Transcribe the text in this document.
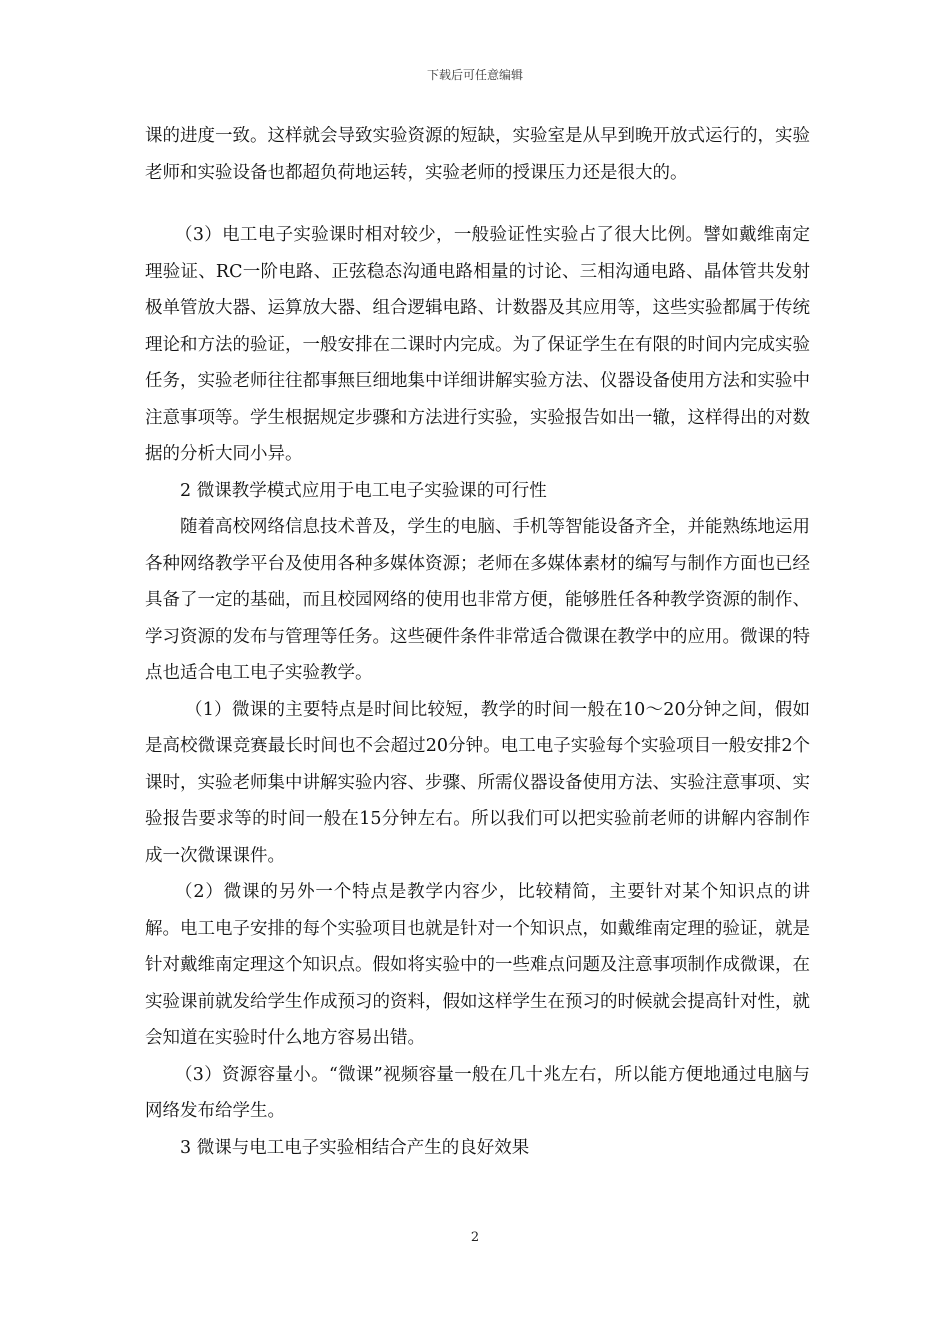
下载后可任意编辑

课的进度一致。这样就会导致实验资源的短缺，实验室是从早到晚开放式运行的，实验老师和实验设备也都超负荷地运转，实验老师的授课压力还是很大的。

（3）电工电子实验课时相对较少，一般验证性实验占了很大比例。譬如戴维南定理验证、RC一阶电路、正弦稳态沟通电路相量的讨论、三相沟通电路、晶体管共发射极单管放大器、运算放大器、组合逻辑电路、计数器及其应用等，这些实验都属于传统理论和方法的验证，一般安排在二课时内完成。为了保证学生在有限的时间内完成实验任务，实验老师往往都事無巨细地集中详细讲解实验方法、仪器设备使用方法和实验中注意事项等。学生根据规定步骤和方法进行实验，实验报告如出一辙，这样得出的对数据的分析大同小异。

2 微课教学模式应用于电工电子实验课的可行性

随着高校网络信息技术普及，学生的电脑、手机等智能设备齐全，并能熟练地运用各种网络教学平台及使用各种多媒体资源；老师在多媒体素材的编写与制作方面也已经具备了一定的基础，而且校园网络的使用也非常方便，能够胜任各种教学资源的制作、学习资源的发布与管理等任务。这些硬件条件非常适合微课在教学中的应用。微课的特点也适合电工电子实验教学。

（1）微课的主要特点是时间比较短，教学的时间一般在10～20分钟之间，假如是高校微课竞赛最长时间也不会超过20分钟。电工电子实验每个实验项目一般安排2个课时，实验老师集中讲解实验内容、步骤、所需仪器设备使用方法、实验注意事项、实验报告要求等的时间一般在15分钟左右。所以我们可以把实验前老师的讲解内容制作成一次微课课件。

（2）微课的另外一个特点是教学内容少，比较精简，主要针对某个知识点的讲解。电工电子安排的每个实验项目也就是针对一个知识点，如戴维南定理的验证，就是针对戴维南定理这个知识点。假如将实验中的一些难点问题及注意事项制作成微课，在实验课前就发给学生作成预习的资料，假如这样学生在预习的时候就会提高针对性，就会知道在实验时什么地方容易出错。

（3）资源容量小。“微课”视频容量一般在几十兆左右，所以能方便地通过电脑与网络发布给学生。

3 微课与电工电子实验相结合产生的良好效果

2
